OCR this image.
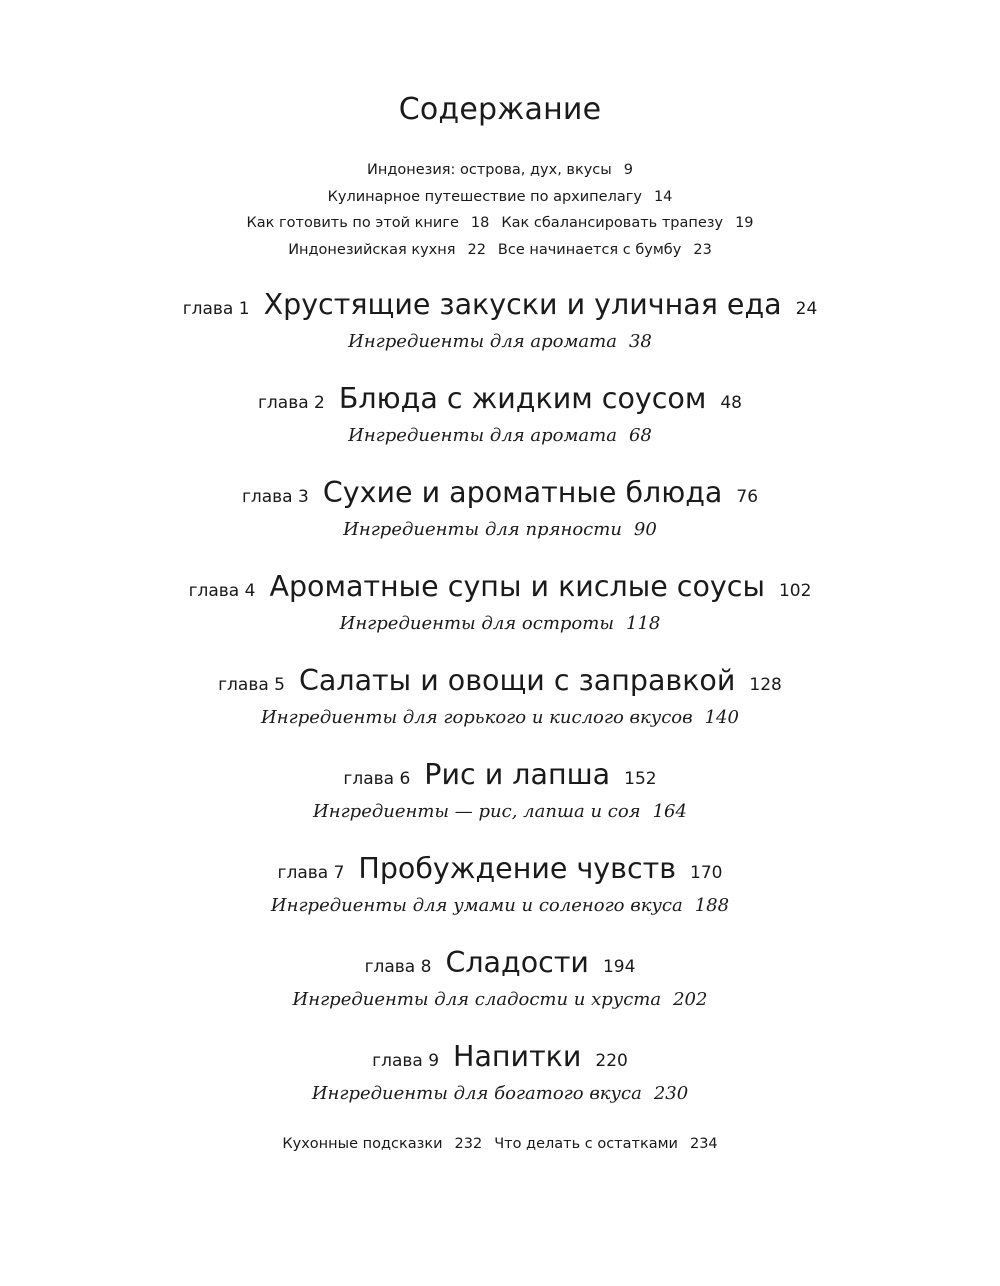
Содержание
Индонезия: острова, дух, вкусы 9
Кулинарное путешествие по архипелагу 14
Как готовить по этой книге 18 Как сбалансировать трапезу 19
Индонезийская кухня 22 Все начинается с бумбу 23
глава 1 Хрустящие закуски и уличная еда 24
Ингредиенты для аромата 38
глава 2 Блюда с жидким соусом 48
Ингредиенты для аромата 68
глава 3 Сухие и ароматные блюда 76
Ингредиенты для пряности 90
глава 4 Ароматные супы и кислые соусы 102
Ингредиенты для остроты 118
глава 5 Салаты и овощи с заправкой 128
Ингредиенты для горького и кислого вкусов 140
глава 6 Рис и лапша 152
Ингредиенты — рис, лапша и соя 164
глава 7 Пробуждение чувств 170
Ингредиенты для умами и соленого вкуса 188
глава 8 Сладости 194
Ингредиенты для сладости и хруста 202
глава 9 Напитки 220
Ингредиенты для богатого вкуса 230
Кухонные подсказки 232 Что делать с остатками 234
